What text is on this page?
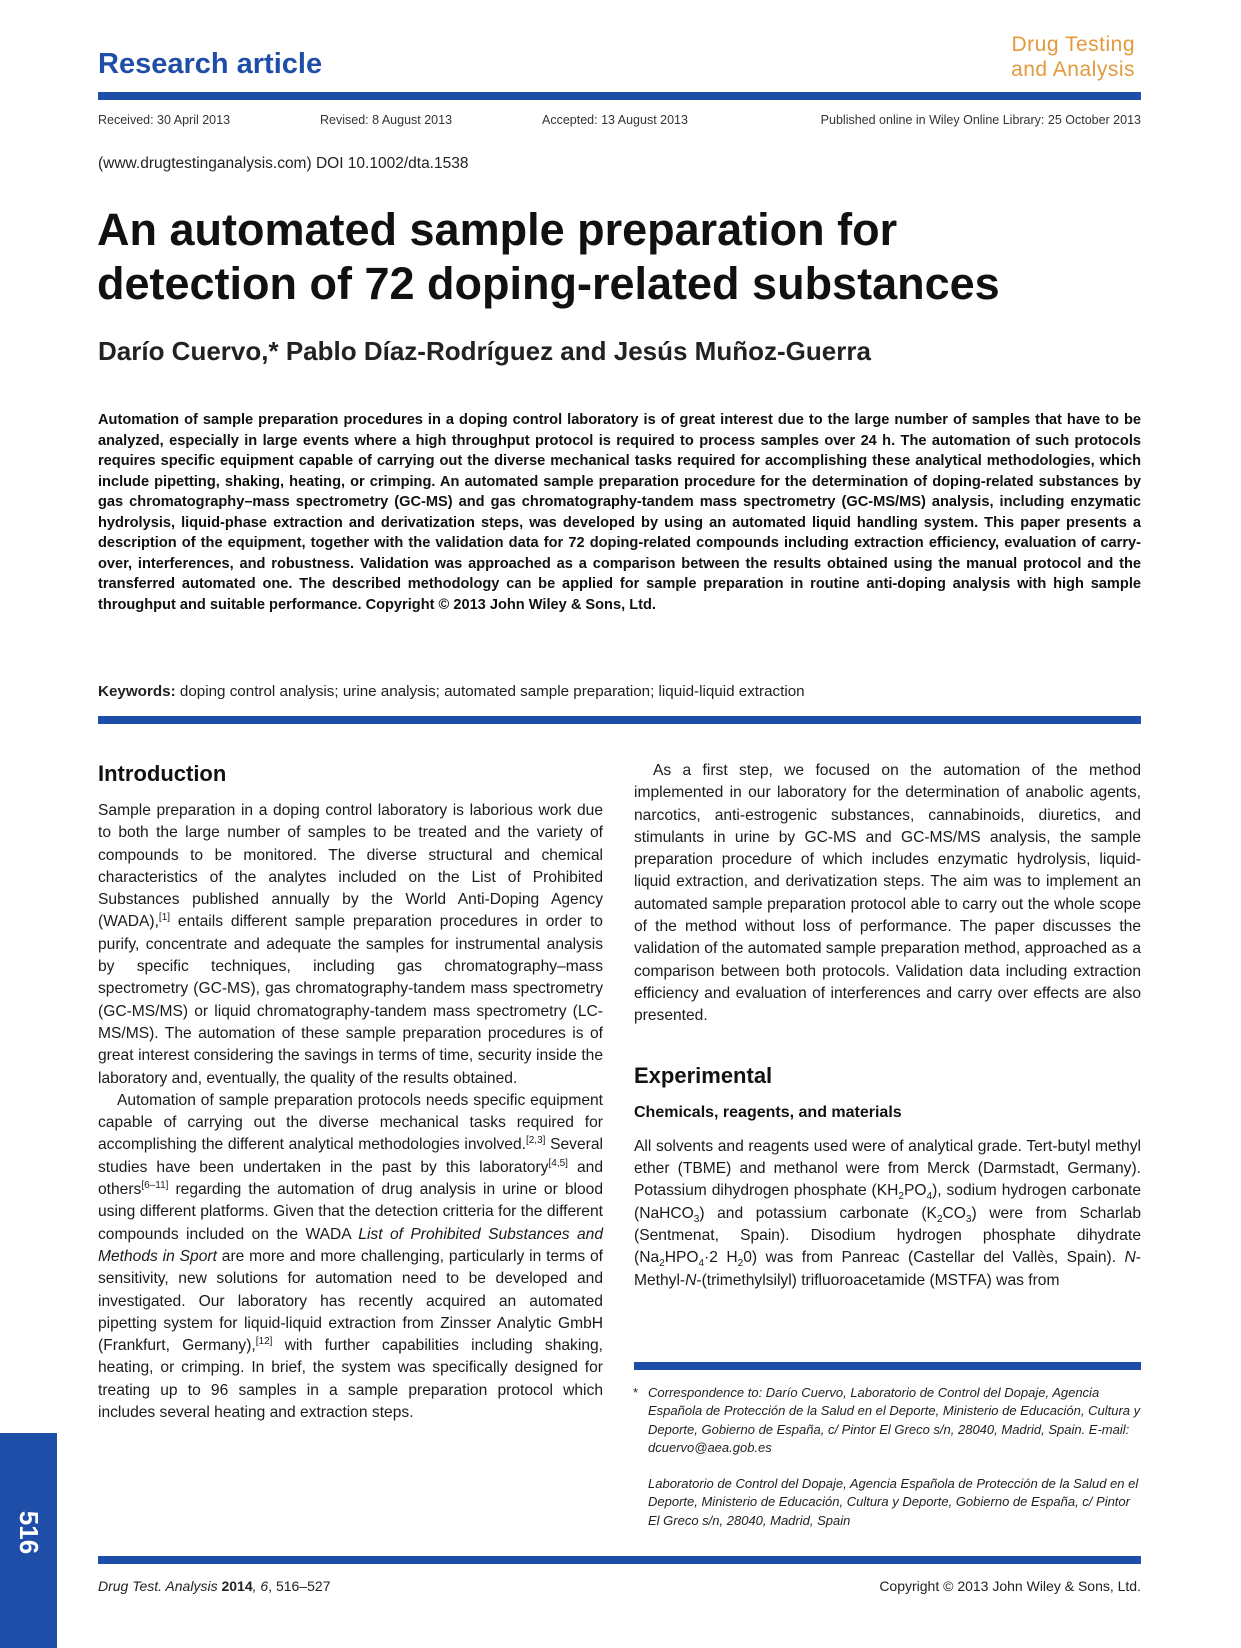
Research article
Drug Testing
and Analysis
Received: 30 April 2013	Revised: 8 August 2013	Accepted: 13 August 2013	Published online in Wiley Online Library: 25 October 2013
(www.drugtestinganalysis.com) DOI 10.1002/dta.1538
An automated sample preparation for
detection of 72 doping-related substances
Darío Cuervo,* Pablo Díaz-Rodríguez and Jesús Muñoz-Guerra
Automation of sample preparation procedures in a doping control laboratory is of great interest due to the large number of samples that have to be analyzed, especially in large events where a high throughput protocol is required to process samples over 24 h. The automation of such protocols requires specific equipment capable of carrying out the diverse mechanical tasks required for accomplishing these analytical methodologies, which include pipetting, shaking, heating, or crimping. An automated sample preparation procedure for the determination of doping-related substances by gas chromatography–mass spectrometry (GC-MS) and gas chromatography-tandem mass spectrometry (GC-MS/MS) analysis, including enzymatic hydrolysis, liquid-phase extraction and derivatization steps, was developed by using an automated liquid handling system. This paper presents a description of the equipment, together with the validation data for 72 doping-related compounds including extraction efficiency, evaluation of carry-over, interferences, and robustness. Validation was approached as a comparison between the results obtained using the manual protocol and the transferred automated one. The described methodology can be applied for sample preparation in routine anti-doping analysis with high sample throughput and suitable performance. Copyright © 2013 John Wiley & Sons, Ltd.
Keywords: doping control analysis; urine analysis; automated sample preparation; liquid-liquid extraction
Introduction

Sample preparation in a doping control laboratory is laborious work due to both the large number of samples to be treated and the variety of compounds to be monitored. The diverse structural and chemical characteristics of the analytes included on the List of Prohibited Substances published annually by the World Anti-Doping Agency (WADA),[1] entails different sample preparation procedures in order to purify, concentrate and adequate the samples for instrumental analysis by specific techniques, including gas chromatography–mass spectrometry (GC-MS), gas chromatography-tandem mass spectrometry (GC-MS/MS) or liquid chromatography-tandem mass spectrometry (LC-MS/MS). The automation of these sample preparation procedures is of great interest considering the savings in terms of time, security inside the laboratory and, eventually, the quality of the results obtained.

Automation of sample preparation protocols needs specific equipment capable of carrying out the diverse mechanical tasks required for accomplishing the different analytical methodologies involved.[2,3] Several studies have been undertaken in the past by this laboratory[4,5] and others[6–11] regarding the automation of drug analysis in urine or blood using different platforms. Given that the detection critteria for the different compounds included on the WADA List of Prohibited Substances and Methods in Sport are more and more challenging, particularly in terms of sensitivity, new solutions for automation need to be developed and investigated. Our laboratory has recently acquired an automated pipetting system for liquid-liquid extraction from Zinsser Analytic GmbH (Frankfurt, Germany),[12] with further capabilities including shaking, heating, or crimping. In brief, the system was specifically designed for treating up to 96 samples in a sample preparation protocol which includes several heating and extraction steps.

As a first step, we focused on the automation of the method implemented in our laboratory for the determination of anabolic agents, narcotics, anti-estrogenic substances, cannabinoids, diuretics, and stimulants in urine by GC-MS and GC-MS/MS analysis, the sample preparation procedure of which includes enzymatic hydrolysis, liquid-liquid extraction, and derivatization steps. The aim was to implement an automated sample preparation protocol able to carry out the whole scope of the method without loss of performance. The paper discusses the validation of the automated sample preparation method, approached as a comparison between both protocols. Validation data including extraction efficiency and evaluation of interferences and carry over effects are also presented.

Experimental
Chemicals, reagents, and materials

All solvents and reagents used were of analytical grade. Tert-butyl methyl ether (TBME) and methanol were from Merck (Darmstadt, Germany). Potassium dihydrogen phosphate $(KH_2PO_4)$, sodium hydrogen carbonate (NaHCO$_3$) and potassium carbonate $(K_2CO_3)$ were from Scharlab (Sentmenat, Spain). Disodium hydrogen phosphate dihydrate ($Na_2HPO_4\cdot 2$ $H_20$) was from Panreac (Castellar del Vallès, Spain). N-Methyl-N-(trimethylsilyl) trifluoroacetamide (MSTFA) was from

* Correspondence to: Darío Cuervo, Laboratorio de Control del Dopaje, Agencia Española de Protección de la Salud en el Deporte, Ministerio de Educación, Cultura y Deporte, Gobierno de España, c/ Pintor El Greco s/n, 28040, Madrid, Spain. E-mail: dcuervo@aea.gob.es

Laboratorio de Control del Dopaje, Agencia Española de Protección de la Salud en el Deporte, Ministerio de Educación, Cultura y Deporte, Gobierno de España, c/ Pintor El Greco s/n, 28040, Madrid, Spain

516
Drug Test. Analysis 2014, 6, 516–527	Copyright © 2013 John Wiley & Sons, Ltd.
